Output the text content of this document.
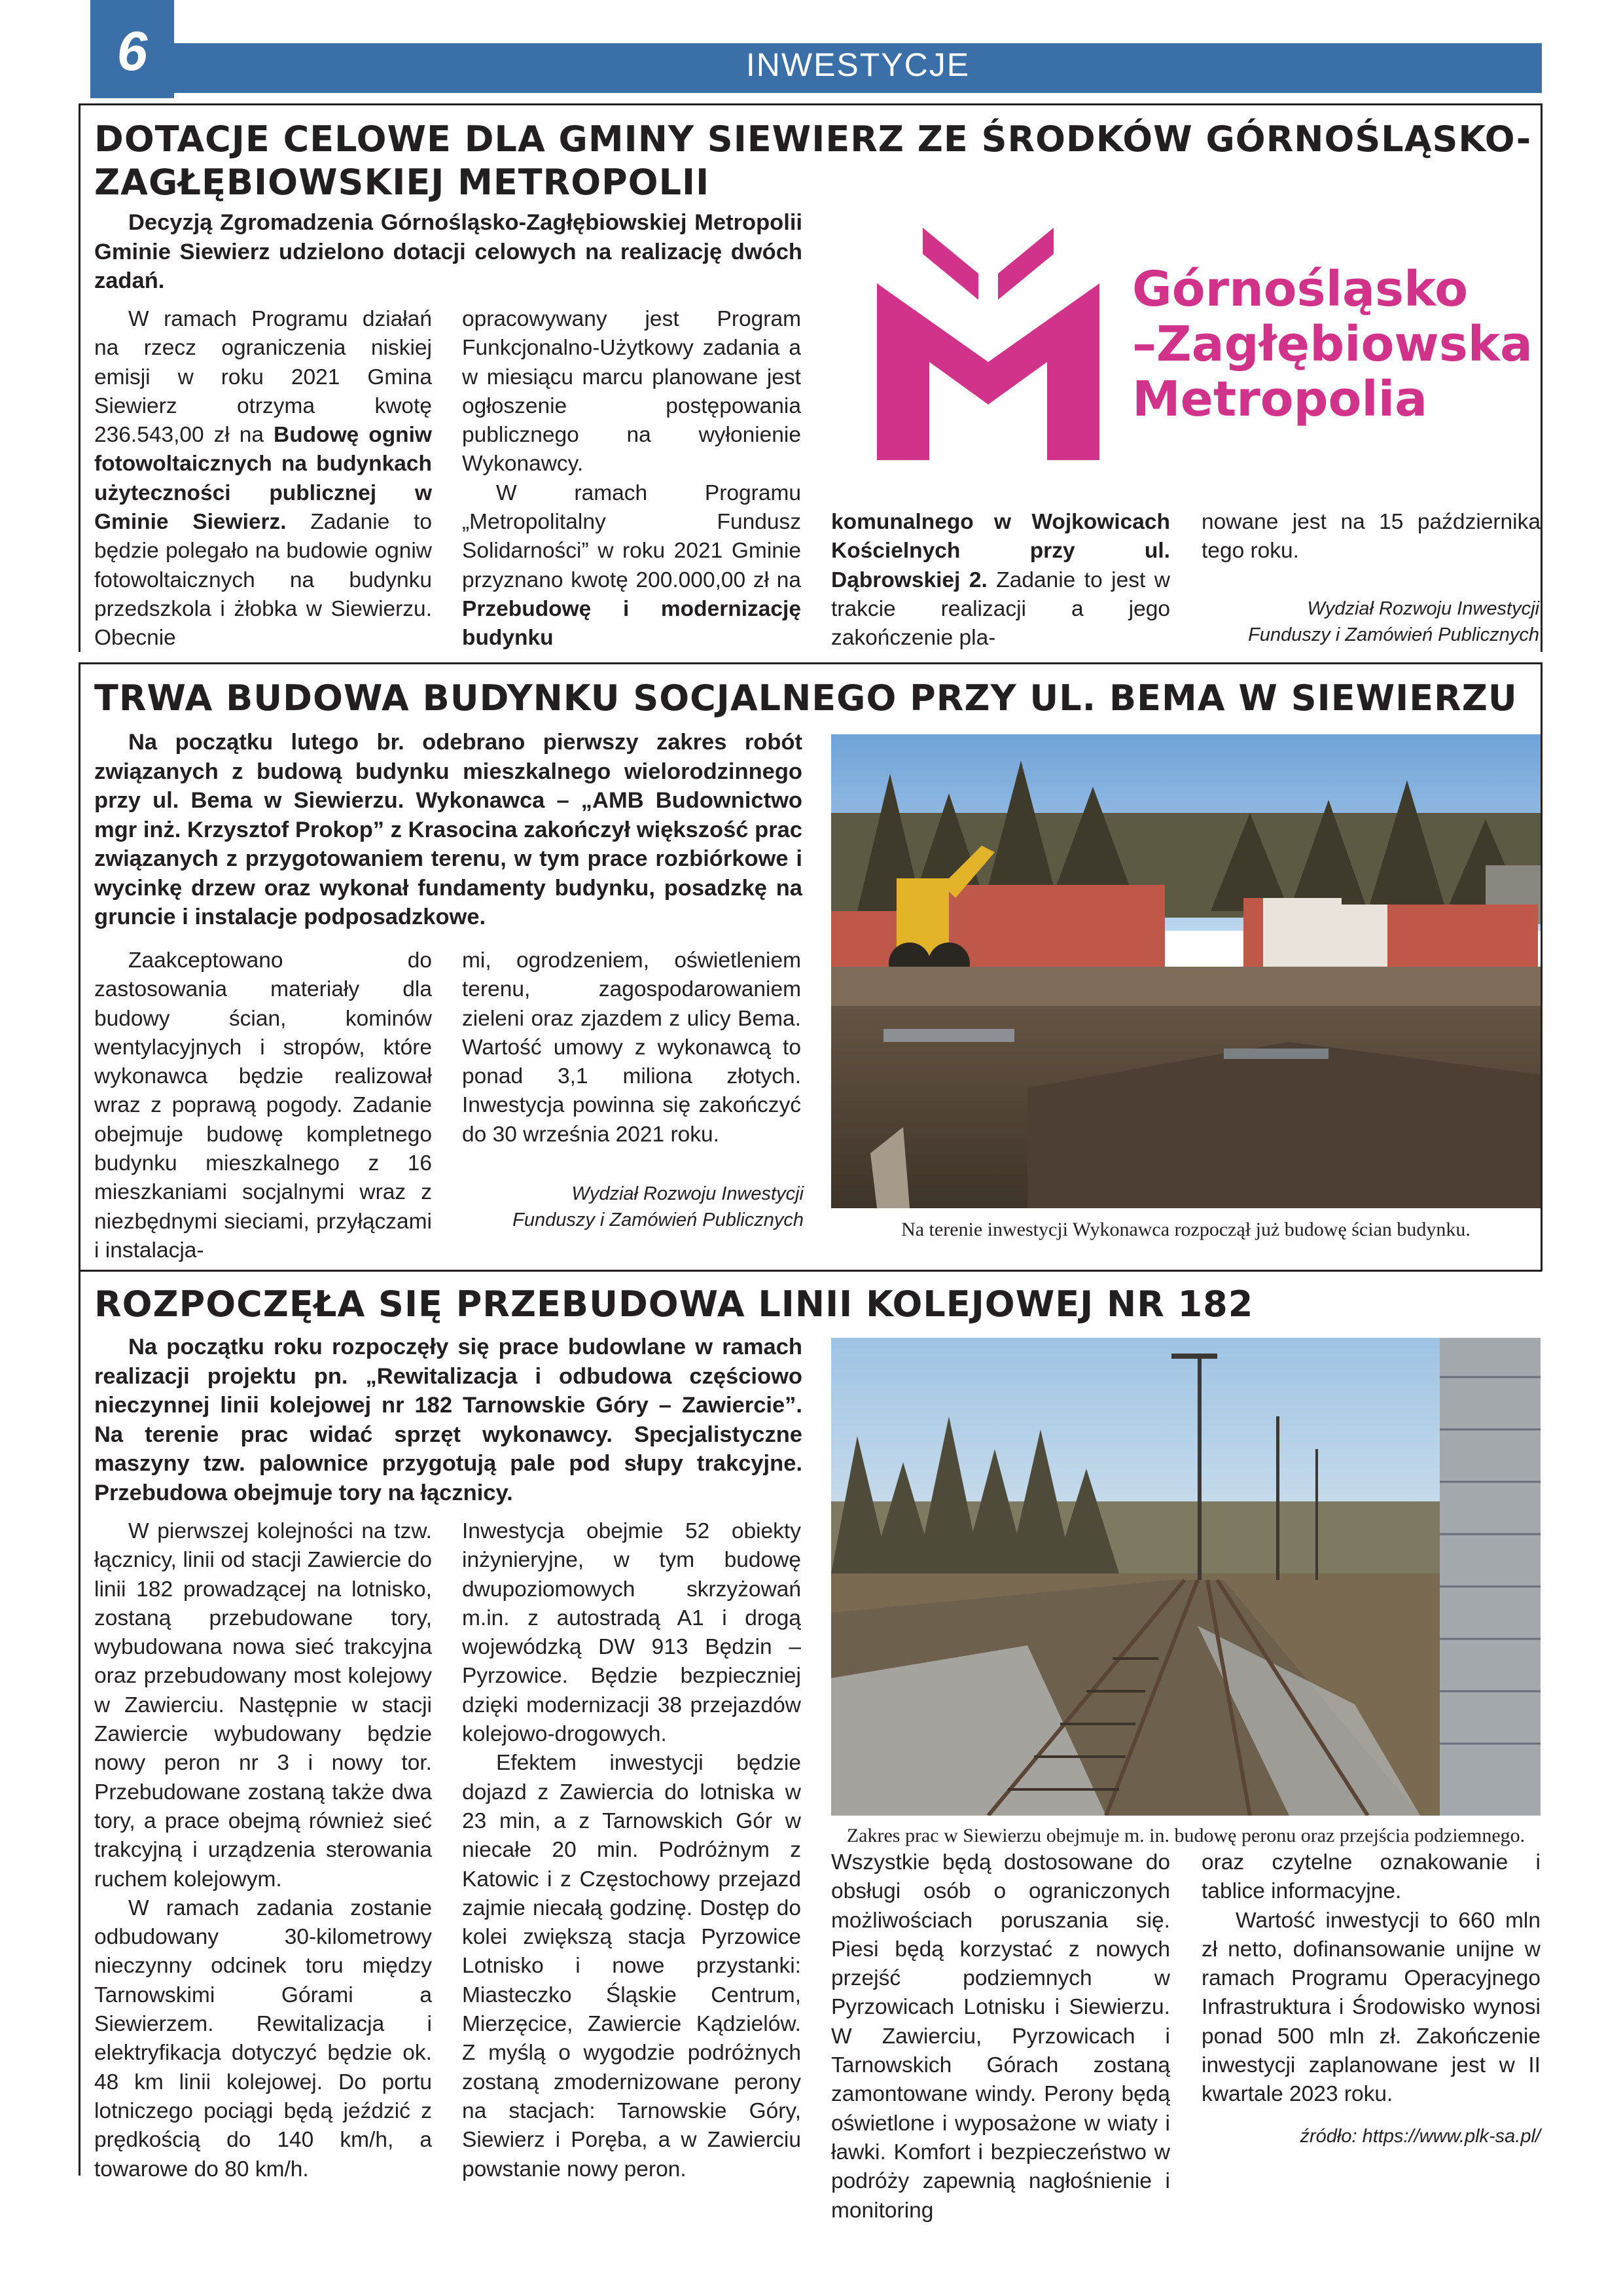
6	INWESTYCJE
DOTACJE CELOWE DLA GMINY SIEWIERZ ZE ŚRODKÓW GÓRNOŚLĄSKO-ZAGŁĘBIOWSKIEJ METROPOLII
Decyzją Zgromadzenia Górnośląsko-Zagłębiowskiej Metropolii Gminie Siewierz udzielono dotacji celowych na realizację dwóch zadań.

W ramach Programu działań na rzecz ograniczenia niskiej emisji w roku 2021 Gmina Siewierz otrzyma kwotę 236.543,00 zł na Budowę ogniw fotowoltaicznych na budynkach użyteczności publicznej w Gminie Siewierz. Zadanie to będzie polegało na budowie ogniw fotowoltaicznych na budynku przedszkola i żłobka w Siewierzu. Obecnie

opracowywany jest Program Funkcjonalno-Użytkowy zadania a w miesiącu marcu planowane jest ogłoszenie postępowania publicznego na wyłonienie Wykonawcy.

W ramach Programu „Metropolitalny Fundusz Solidarności” w roku 2021 Gminie przyznano kwotę 200.000,00 zł na Przebudowę i modernizację budynku

komunalnego w Wojkowicach Kościelnych przy ul. Dąbrowskiej 2. Zadanie to jest w trakcie realizacji a jego zakończenie pla-

nowane jest na 15 października tego roku.

Wydział Rozwoju Inwestycji
Funduszy i Zamówień Publicznych
Górnośląsko
–Zagłębiowska
Metropolia
TRWA BUDOWA BUDYNKU SOCJALNEGO PRZY UL. BEMA W SIEWIERZU
Na początku lutego br. odebrano pierwszy zakres robót związanych z budową budynku mieszkalnego wielorodzinnego przy ul. Bema w Siewierzu. Wykonawca – „AMB Budownictwo mgr inż. Krzysztof Prokop” z Krasocina zakończył większość prac związanych z przygotowaniem terenu, w tym prace rozbiórkowe i wycinkę drzew oraz wykonał fundamenty budynku, posadzkę na gruncie i instalacje podposadzkowe.

Zaakceptowano do zastosowania materiały dla budowy ścian, kominów wentylacyjnych i stropów, które wykonawca będzie realizował wraz z poprawą pogody. Zadanie obejmuje budowę kompletnego budynku mieszkalnego z 16 mieszkaniami socjalnymi wraz z niezbędnymi sieciami, przyłączami i instalacja-

mi, ogrodzeniem, oświetleniem terenu, zagospodarowaniem zieleni oraz zjazdem z ulicy Bema. Wartość umowy z wykonawcą to ponad 3,1 miliona złotych. Inwestycja powinna się zakończyć do 30 września 2021 roku.

Wydział Rozwoju Inwestycji
Funduszy i Zamówień Publicznych	Na terenie inwestycji Wykonawca rozpoczął już budowę ścian budynku.
ROZPOCZĘŁA SIĘ PRZEBUDOWA LINII KOLEJOWEJ NR 182
Na początku roku rozpoczęły się prace budowlane w ramach realizacji projektu pn. „Rewitalizacja i odbudowa częściowo nieczynnej linii kolejowej nr 182 Tarnowskie Góry – Zawiercie”. Na terenie prac widać sprzęt wykonawcy. Specjalistyczne maszyny tzw. palownice przygotują pale pod słupy trakcyjne. Przebudowa obejmuje tory na łącznicy.

W pierwszej kolejności na tzw. łącznicy, linii od stacji Zawiercie do linii 182 prowadzącej na lotnisko, zostaną przebudowane tory, wybudowana nowa sieć trakcyjna oraz przebudowany most kolejowy w Zawierciu. Następnie w stacji Zawiercie wybudowany będzie nowy peron nr 3 i nowy tor. Przebudowane zostaną także dwa tory, a prace obejmą również sieć trakcyjną i urządzenia sterowania ruchem kolejowym.

W ramach zadania zostanie odbudowany 30-kilometrowy nieczynny odcinek toru między Tarnowskimi Górami a Siewierzem. Rewitalizacja i elektryfikacja dotyczyć będzie ok. 48 km linii kolejowej. Do portu lotniczego pociągi będą jeździć z prędkością do 140 km/h, a towarowe do 80 km/h.

Inwestycja obejmie 52 obiekty inżynieryjne, w tym budowę dwupoziomowych skrzyżowań m.in. z autostradą A1 i drogą wojewódzką DW 913 Będzin – Pyrzowice. Będzie bezpieczniej dzięki modernizacji 38 przejazdów kolejowo-drogowych.

Efektem inwestycji będzie dojazd z Zawiercia do lotniska w 23 min, a z Tarnowskich Gór w niecałe 20 min. Podróżnym z Katowic i z Częstochowy przejazd zajmie niecałą godzinę. Dostęp do kolei zwiększą stacja Pyrzowice Lotnisko i nowe przystanki: Miasteczko Śląskie Centrum, Mierzęcice, Zawiercie Kądzielów. Z myślą o wygodzie podróżnych zostaną zmodernizowane perony na stacjach: Tarnowskie Góry, Siewierz i Poręba, a w Zawierciu powstanie nowy peron.

Wszystkie będą dostosowane do obsługi osób o ograniczonych możliwościach poruszania się. Piesi będą korzystać z nowych przejść podziemnych w Pyrzowicach Lotnisku i Siewierzu. W Zawierciu, Pyrzowicach i Tarnowskich Górach zostaną zamontowane windy. Perony będą oświetlone i wyposażone w wiaty i ławki. Komfort i bezpieczeństwo w podróży zapewnią nagłośnienie i monitoring

oraz czytelne oznakowanie i tablice informacyjne.

Wartość inwestycji to 660 mln zł netto, dofinansowanie unijne w ramach Programu Operacyjnego Infrastruktura i Środowisko wynosi ponad 500 mln zł. Zakończenie inwestycji zaplanowane jest w II kwartale 2023 roku.

źródło: https://www.plk-sa.pl/
Zakres prac w Siewierzu obejmuje m. in. budowę peronu oraz przejścia podziemnego.
